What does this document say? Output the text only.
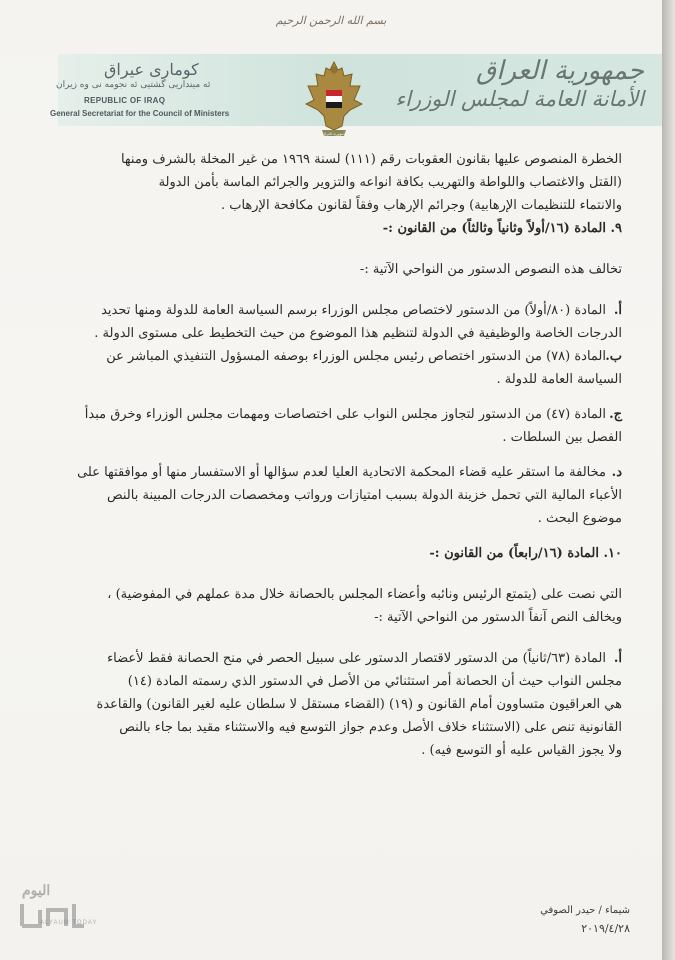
بسم الله الرحمن الرحيم
كومارى عيراق
ئه مينداريى گشتيى ئه نجومه نى وه زيران
REPUBLIC OF IRAQ
General Secretariat for the Council of Ministers
جمهورية العراق
جمهورية العراق
الأمانة العامة لمجلس الوزراء

الخطرة المنصوص عليها بقانون العقوبات رقم (١١١) لسنة ١٩٦٩ من غير المخلة بالشرف ومنها

(القتل والاغتصاب واللواطة والتهريب بكافة انواعه والتزوير والجرائم الماسة بأمن الدولة

والانتماء للتنظيمات الإرهابية) وجرائم الإرهاب وفقاً لقانون مكافحة الإرهاب .

٩. المادة (١٦/أولاً وثانياً وثالثاً) من القانون :-

تخالف هذه النصوص الدستور من النواحي الآتية :-

أ.

المادة (٨٠/أولاً) من الدستور لاختصاص مجلس الوزراء برسم السياسة العامة للدولة ومنها تحديد

الدرجات الخاصة والوظيفية في الدولة لتنظيم هذا الموضوع من حيث التخطيط على مستوى الدولة .

ب.

المادة (٧٨) من الدستور اختصاص رئيس مجلس الوزراء بوصفه المسؤول التنفيذي المباشر عن

السياسة العامة للدولة .

ج.

المادة (٤٧) من الدستور لتجاوز مجلس النواب على اختصاصات ومهمات مجلس الوزراء وخرق مبدأ

الفصل بين السلطات .

د.

مخالفة ما استقر عليه قضاء المحكمة الاتحادية العليا لعدم سؤالها أو الاستفسار منها أو موافقتها على

الأعباء المالية التي تحمل خزينة الدولة بسبب امتيازات ورواتب ومخصصات الدرجات المبينة بالنص

موضوع البحث .

١٠. المادة (١٦/رابعاً) من القانون :-

التي نصت على (يتمتع الرئيس ونائبه وأعضاء المجلس بالحصانة خلال مدة عملهم في المفوضية) ،

ويخالف النص آنفاً الدستور من النواحي الآتية :-

أ.

المادة (٦٣/ثانياً) من الدستور لاقتصار الدستور على سبيل الحصر في منح الحصانة فقط لأعضاء

مجلس النواب حيث أن الحصانة أمر استثنائي من الأصل في الدستور الذي رسمته المادة (١٤)

هي العراقيون متساوون أمام القانون و (١٩) (القضاء مستقل لا سلطان عليه لغير القانون) والقاعدة

القانونية تنص على (الاستثناء خلاف الأصل وعدم جواز التوسع فيه والاستثناء مقيد بما جاء بالنص

ولا يجوز القياس عليه أو التوسع فيه) .

اليوم
ALYAUM TODAY
شيماء / حيدر الصوفي
٢٠١٩/٤/٢٨
